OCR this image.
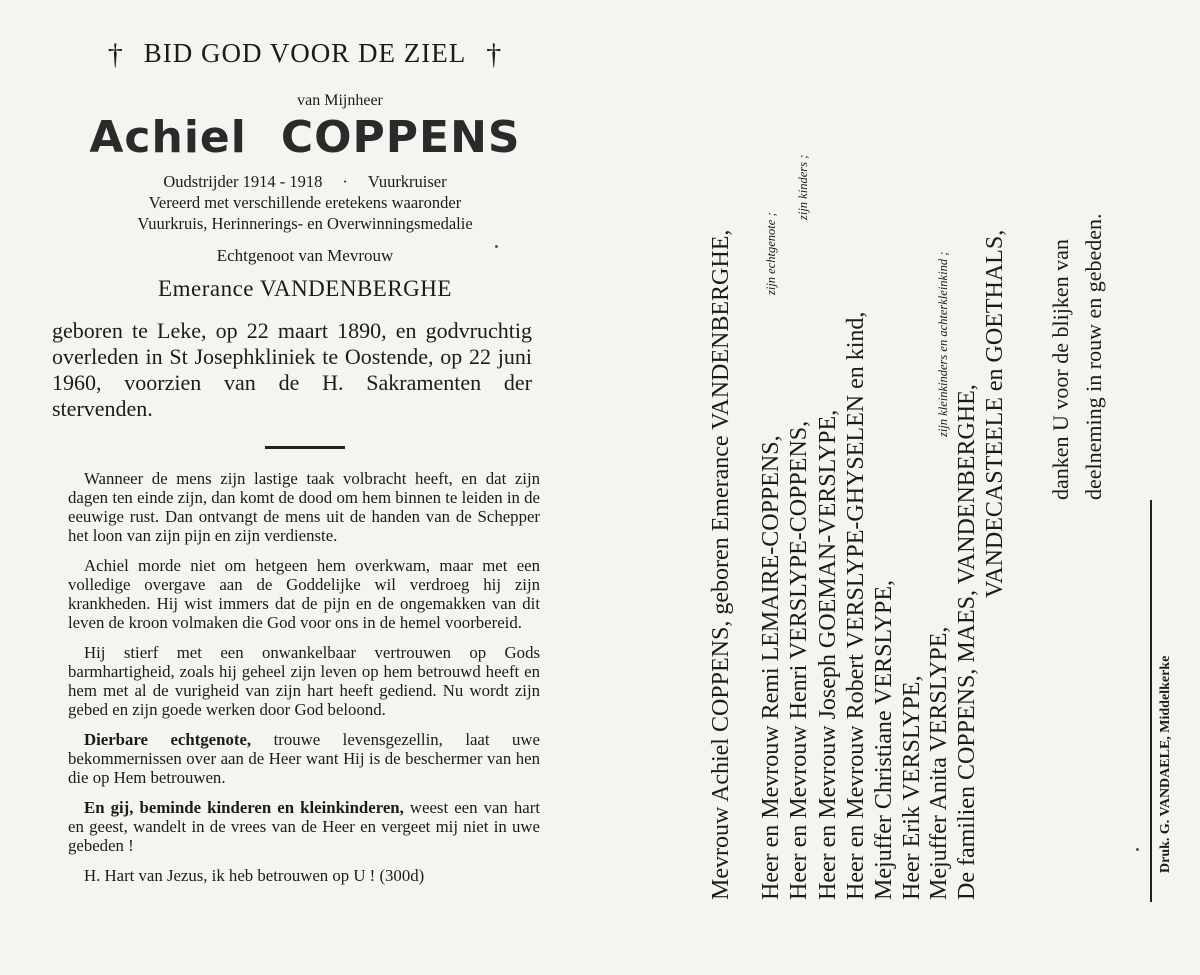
† BID GOD VOOR DE ZIEL †
van Mijnheer
Achiel COPPENS
Oudstrijder 1914 - 1918 · Vuurkruiser
Vereerd met verschillende eretekens waaronder
Vuurkruis, Herinnerings- en Overwinningsmedalie
Echtgenoot van Mevrouw
Emerance VANDENBERGHE
geboren te Leke, op 22 maart 1890, en godvruchtig overleden in St Josephkliniek te Oostende, op 22 juni 1960, voorzien van de H. Sakramenten der stervenden.

Wanneer de mens zijn lastige taak volbracht heeft, en dat zijn dagen ten einde zijn, dan komt de dood om hem binnen te leiden in de eeuwige rust. Dan ontvangt de mens uit de handen van de Schepper het loon van zijn pijn en zijn verdienste.

Achiel morde niet om hetgeen hem overkwam, maar met een volledige overgave aan de Goddelijke wil verdroeg hij zijn krankheden. Hij wist immers dat de pijn en de ongemakken van dit leven de kroon volmaken die God voor ons in de hemel voorbereid.

Hij stierf met een onwankelbaar vertrouwen op Gods barmhartigheid, zoals hij geheel zijn leven op hem betrouwd heeft en hem met al de vurigheid van zijn hart heeft gediend. Nu wordt zijn gebed en zijn goede werken door God beloond.

Dierbare echtgenote, trouwe levensgezellin, laat uwe bekommernissen over aan de Heer want Hij is de beschermer van hen die op Hem betrouwen.

En gij, beminde kinderen en kleinkinderen, weest een van hart en geest, wandelt in de vrees van de Heer en vergeet mij niet in uwe gebeden !

H. Hart van Jezus, ik heb betrouwen op U ! (300d)	Mevrouw Achiel COPPENS, geboren Emerance VANDENBERGHE,	zijn echtgenote ;
Heer en Mevrouw Remi LEMAIRE-COPPENS, Heer en Mevrouw Henri VERSLYPE-COPPENS,
zijn kinders ;
Heer en Mevrouw Joseph GOEMAN-VERSLYPE, Heer en Mevrouw Robert VERSLYPE-GHYSELEN en kind, Mejuffer Christiane VERSLYPE, Heer Erik VERSLYPE, Mejuffer Anita VERSLYPE,
zijn kleinkinders en achterkleinkind ;
De familien COPPENS, MAES, VANDENBERGHE, VANDECASTEELE en GOETHALS, danken U voor de blijken van deelneming in rouw en gebeden.
Druk. G. VANDAELE, Middelkerke
